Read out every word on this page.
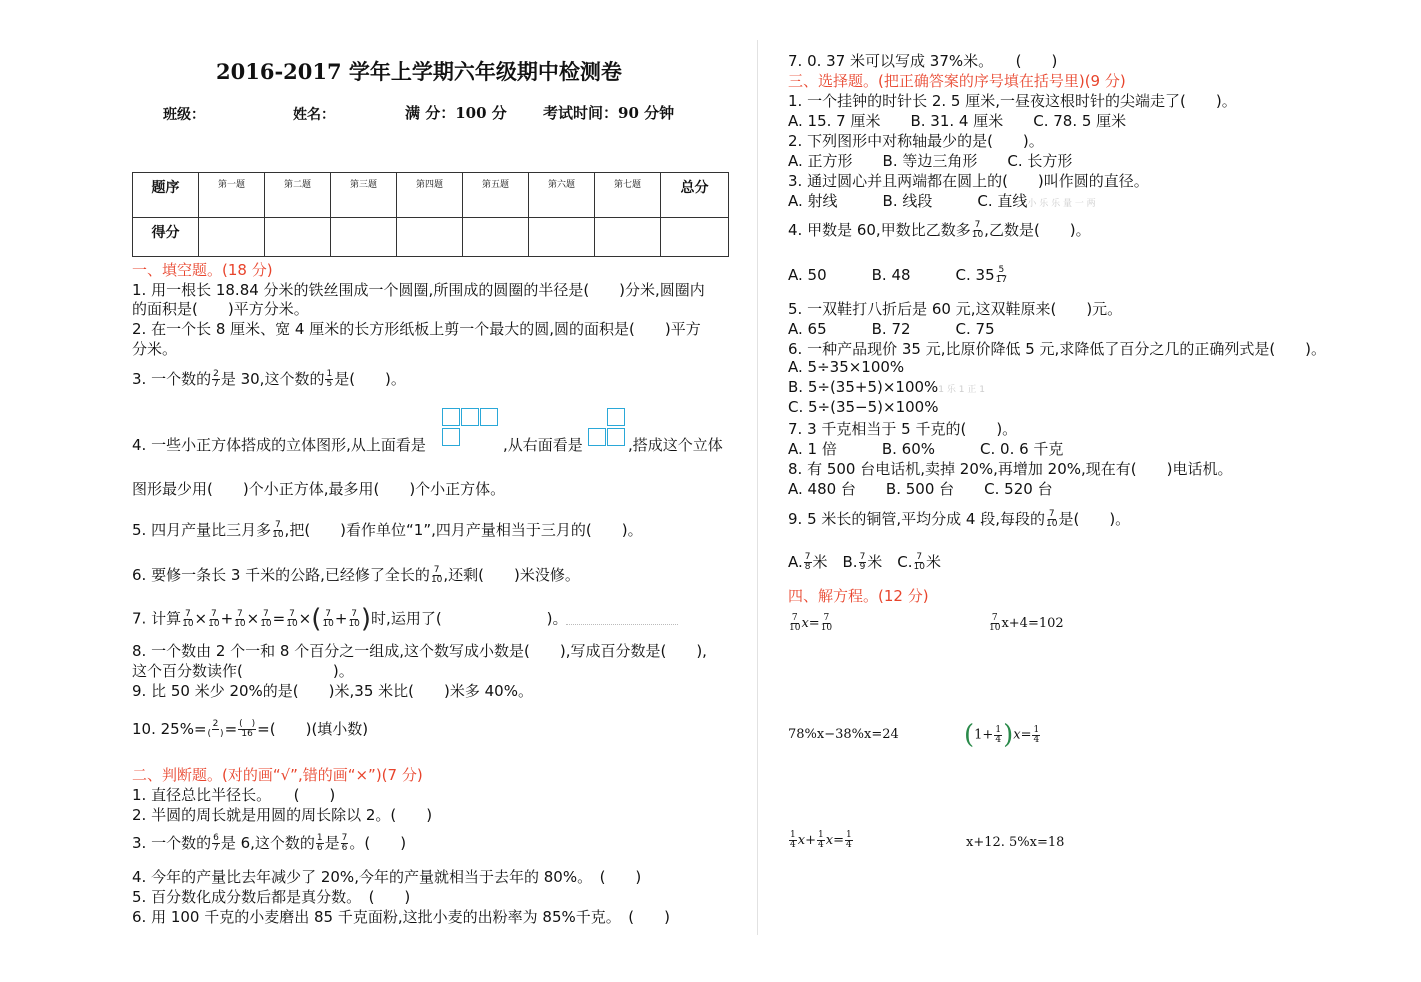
2016-2017 学年上学期六年级期中检测卷
班级：	姓名：	满 分：100 分 考试时间：90 分钟
题序	第一题	第二题	第三题	第四题	第五题	第六题	第七题	总分
得分								
一、填空题。(18 分)
1. 用一根长 18.84 分米的铁丝围成一个圆圈,所围成的圆圈的半径是(　　)分米,圆圈内
的面积是(　　)平方分米。
2. 在一个长 8 厘米、宽 4 厘米的长方形纸板上剪一个最大的圆,圆的面积是(　　)平方
分米。
3. 一个数的 $\frac{2}{7}$ 是 30,这个数的 $\frac{1}{5}$ 是(　　)。
4. 一些小正方体搭成的立体图形,从上面看是	,从右面看是	,搭成这个立体
图形最少用(　　)个小正方体,最多用(　　)个小正方体。
5. 四月产量比三月多 $\frac{7}{10}$ ,把(　　)看作单位“1”,四月产量相当于三月的(　　)。
6. 要修一条长 3 千米的公路,已经修了全长的 $\frac{7}{10}$ ,还剩(　　)米没修。
7. 计算 $\frac{7}{10} \times \frac{7}{10} + \frac{7}{10} \times \frac{7}{10} = \frac{7}{10}$ ×( $\frac{7}{10} + \frac{7}{10}$ )时,运用了(　　　　　　　)。
8. 一个数由 2 个一和 8 个百分之一组成,这个数写成小数是(　　),写成百分数是(　　),
这个百分数读作(　　　　　　)。
9. 比 50 米少 20%的是(　　)米,35 米比(　　)米多 40%。
10. 25%= 2
(　) = (　)
16 =(　　)(填小数)
二、判断题。(对的画“√”,错的画“×”)(7 分)
1. 直径总比半径长。　　(　　)
2. 半圆的周长就是用圆的周长除以 2。(　　)
3. 一个数的 $\frac{6}{7}$ 是 6,这个数的 $\frac{1}{6}$ 是 $\frac{7}{6}$ 。(　　)
4. 今年的产量比去年减少了 20%,今年的产量就相当于去年的 80%。　(　　)
5. 百分数化成分数后都是真分数。　(　　)
6. 用 100 千克的小麦磨出 85 千克面粉,这批小麦的出粉率为 85%千克。　(　　)
7. 0. 37 米可以写成 37%米。　　(　　)
三、选择题。(把正确答案的序号填在括号里)(9 分)
1. 一个挂钟的时针长 2. 5 厘米,一昼夜这根时针的尖端走了(　　)。
A. 15. 7 厘米　　B. 31. 4 厘米　　C. 78. 5 厘米
2. 下列图形中对称轴最少的是(　　)。
A. 正方形　　B. 等边三角形　　C. 长方形
3. 通过圆心并且两端都在圆上的(　　)叫作圆的直径。
A. 射线　　　B. 线段　　　C. 直线小 乐 乐 量 一 两
4. 甲数是 60,甲数比乙数多 $\frac{7}{10}$ ,乙数是(　　)。
A. 50　　　B. 48　　　C. $35 \frac{5}{17}$
5. 一双鞋打八折后是 60 元,这双鞋原来(　　)元。
A. 65　　　B. 72　　　C. 75
6. 一种产品现价 35 元,比原价降低 5 元,求降低了百分之几的正确列式是(　　)。
A. 5÷35×100%
B. 5÷(35+5)×100%1 乐 1 正 1
C. 5÷(35−5)×100%
7. 3 千克相当于 5 千克的(　　)。
A. 1 倍　　　B. 60%　　　C. 0. 6 千克
8. 有 500 台电话机,卖掉 20%,再增加 20%,现在有(　　)电话机。
A. 480 台　　B. 500 台　　C. 520 台
9. 5 米长的铜管,平均分成 4 段,每段的 $\frac{7}{10}$ 是(　　)。
A. $\frac{7}{8}$ 米　B. $\frac{7}{9}$ 米　C. $\frac{7}{10}$ 米
四、解方程。(12 分)
$\frac{7}{10} x= \frac{7}{10}$	$\frac{7}{10} x+4=102$
78%x−38%x=24	$(1+ \frac{1}{4} )x= \frac{1}{4}$
$\frac{1}{4} x+ \frac{1}{4} x= \frac{1}{4}$	x+12. 5%x=18
